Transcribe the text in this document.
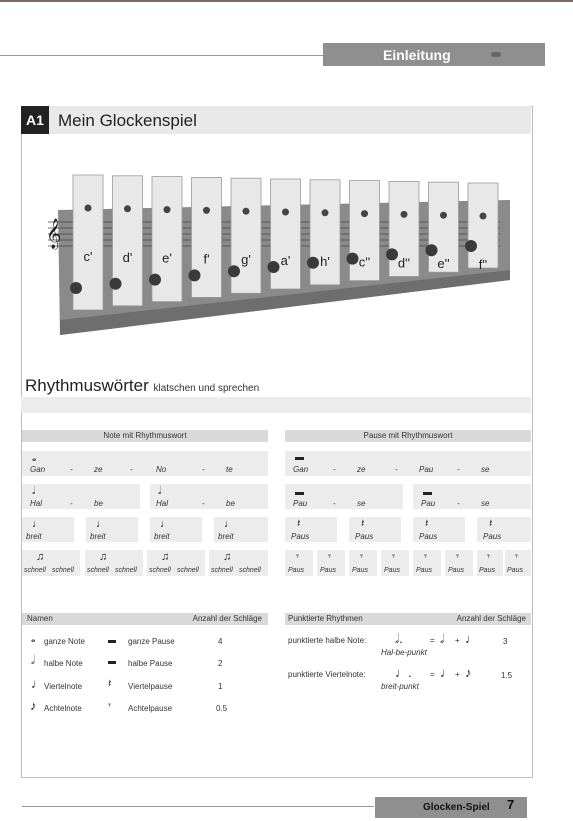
Einleitung
A1 Mein Glockenspiel
𝄞
c' d' e' f' g' a' h' c'' d'' e'' f''
Rhythmuswörter klatschen und sprechen
Note mit Rhythmuswort	Pause mit Rhythmuswort
𝅝
Gan	-	ze	-	No	-	te
𝅗𝅥
Hal	-	be
𝅗𝅥
Hal	-	be
♩
breit
♩
breit
♩
breit
♩
breit
♫
schnell schnell
♫
schnell schnell
♫
schnell schnell
♫
schnell schnell
Gan	-	ze	-	Pau	-	se
Pau	-	se	Pau	-	se
𝄽
Paus
𝄽
Paus
𝄽
Paus
𝄽
Paus
𝄾
Paus
𝄾
Paus
𝄾
Paus
𝄾
Paus
𝄾
Paus
𝄾
Paus
𝄾
Paus
𝄾
Paus
Namen	Anzahl der Schläge
𝅝 ganze Note	ganze Pause	4
𝅗𝅥 halbe Note	halbe Pause	2
♩ Viertelnote 𝄽 Viertelpause	1
♪ Achtelnote 𝄾 Achtelpause	0.5
Punktierte Rhythmen	Anzahl der Schläge
punktierte halbe Note: 𝅗𝅥.
Hal-be-punkt
= 𝅗𝅥 + ♩	3
punktierte Viertelnote: ♩.
breit-punkt
= ♩ + ♪	1.5
Glocken-Spiel 7
